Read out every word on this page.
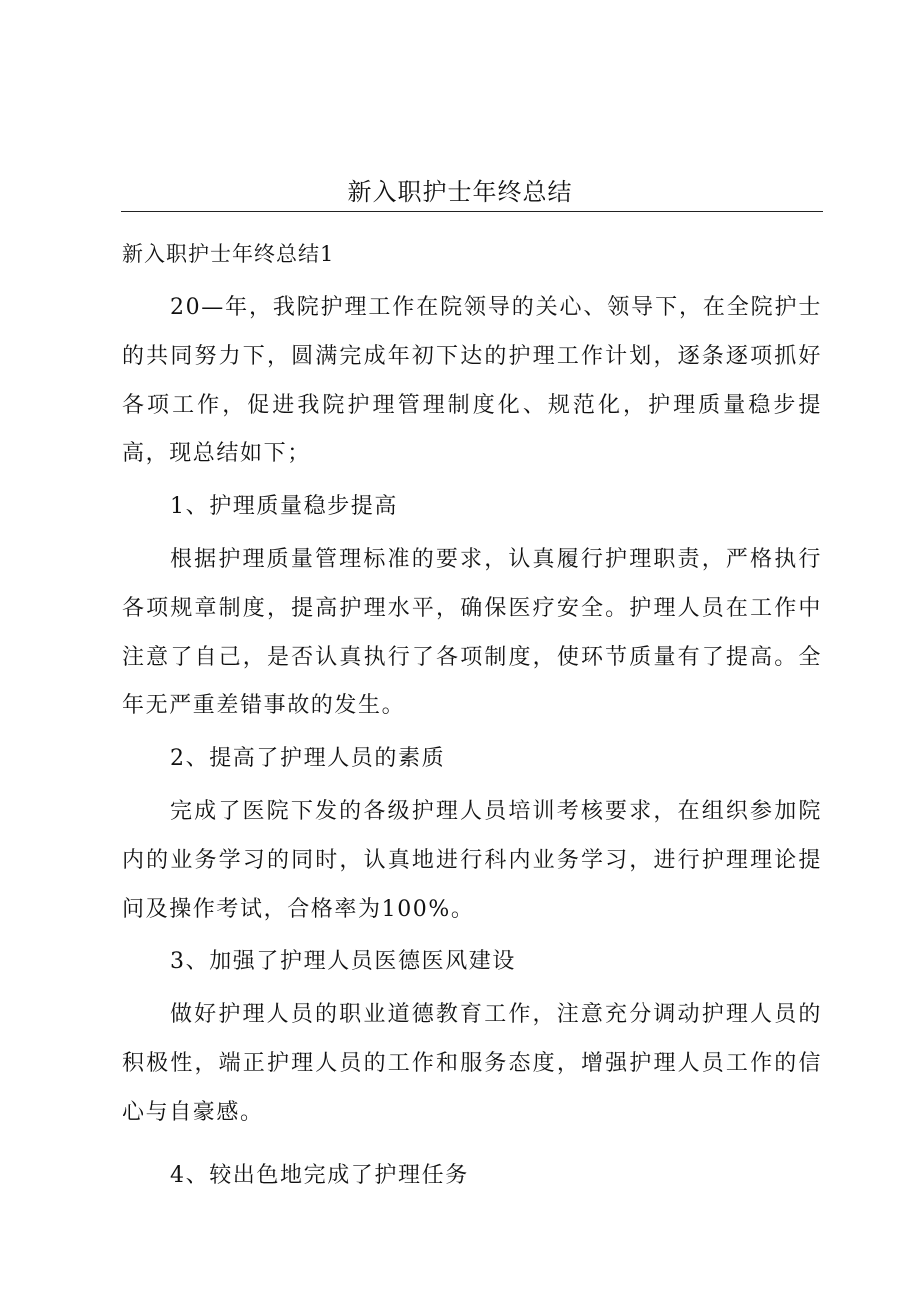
新入职护士年终总结
新入职护士年终总结1

20—年，我院护理工作在院领导的关心、领导下，在全院护士的共同努力下，圆满完成年初下达的护理工作计划，逐条逐项抓好各项工作，促进我院护理管理制度化、规范化，护理质量稳步提高，现总结如下；

1、护理质量稳步提高

根据护理质量管理标准的要求，认真履行护理职责，严格执行各项规章制度，提高护理水平，确保医疗安全。护理人员在工作中注意了自己，是否认真执行了各项制度，使环节质量有了提高。全年无严重差错事故的发生。

2、提高了护理人员的素质

完成了医院下发的各级护理人员培训考核要求，在组织参加院内的业务学习的同时，认真地进行科内业务学习，进行护理理论提问及操作考试，合格率为100%。

3、加强了护理人员医德医风建设

做好护理人员的职业道德教育工作，注意充分调动护理人员的积极性，端正护理人员的工作和服务态度，增强护理人员工作的信心与自豪感。

4、较出色地完成了护理任务
